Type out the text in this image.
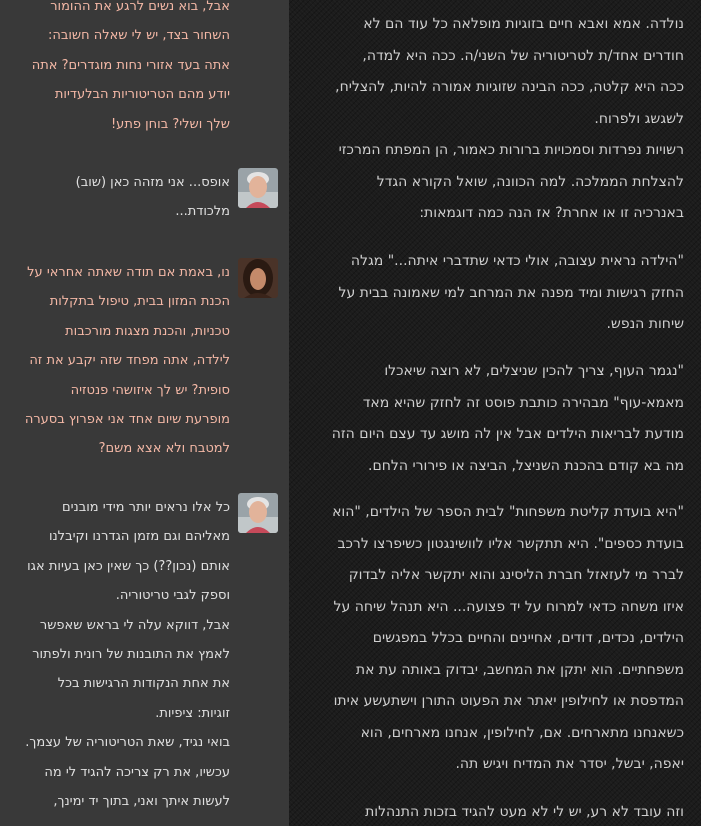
אבל, בוא נשים לרגע את ההומור
השחור בצד, יש לי שאלה חשובה:
אתה בעד אזורי נחות מוגדרים? אתה
יודע מהם הטריטוריות הבלעדיות
שלך ושלי? בוחן פתע!
אופס... אני מזהה כאן (שוב)
מלכודת...
נו, באמת אם תודה שאתה אחראי על
הכנת המזון בבית, טיפול בתקלות
טכניות, והכנת מצגות מורכבות
לילדה, אתה מפחד שזה יקבע את זה
סופית? יש לך איזושהי פנטזיה
מופרעת שיום אחד אני אפרוץ בסערה
למטבח ולא אצא משם?
כל אלו נראים יותר מידי מובנים
מאליהם וגם מזמן הגדרנו וקיבלנו
אותם (נכון??) כך שאין כאן בעיות אגו
וספק לגבי טריטוריה.
אבל, דווקא עלה לי בראש שאפשר
לאמץ את התובנות של רונית ולפתור
את אחת הנקודות הרגישות בכל
זוגיות: ציפיות.
בואי נגיד, שאת הטריטוריה של עצמך.
עכשיו, את רק צריכה להגיד לי מה
לעשות איתך ואני, בתוך יד ימינך,
נולדה. אמא ואבא חיים בזוגיות מופלאה כל עוד הם לא
חודרים אחד/ת לטריטוריה של השני/ה. ככה היא למדה,
ככה היא קלטה, ככה הבינה שזוגיות אמורה להיות, להצליח,
לשגשג ולפרוח.
רשויות נפרדות וסמכויות ברורות כאמור, הן המפתח המרכזי
להצלחת הממלכה. למה הכוונה, שואל הקורא הגדל
באנרכיה זו או אחרת? אז הנה כמה דוגמאות:
"הילדה נראית עצובה, אולי כדאי שתדברי איתה..." מגלה
החזק רגישות ומיד מפנה את המרחב למי שאמונה בבית על
שיחות הנפש.
"נגמר העוף, צריך להכין שניצלים, לא רוצה שיאכלו
מאמא-עוף" מבהירה כותבת פוסט זה לחזק שהיא מאד
מודעת לבריאות הילדים אבל אין לה מושג עד עצם היום הזה
מה בא קודם בהכנת השניצל, הביצה או פירורי הלחם.
"היא בועדת קליטת משפחות" לבית הספר של הילדים, "הוא
בועדת כספים". היא תתקשר אליו לוושינגטון כשיפרצו לרכב
לברר מי לעזאזל חברת הליסינג והוא יתקשר אליה לבדוק
איזו משחה כדאי למרוח על יד פצועה... היא תנהל שיחה על
הילדים, נכדים, דודים, אחיינים והחיים בכלל במפגשים
משפחתיים. הוא יתקן את המחשב, יבדוק באותה עת את
המדפסת או לחילופין יאתר את הפעוט התורן וישתעשע איתו
כשאנחנו מתארחים. אם, לחילופין, אנחנו מארחים, הוא
יאפה, יבשל, יסדר את המדיח ויגיש תה.
וזה עובד לא רע, יש לי לא מעט להגיד בזכות התנהלות
